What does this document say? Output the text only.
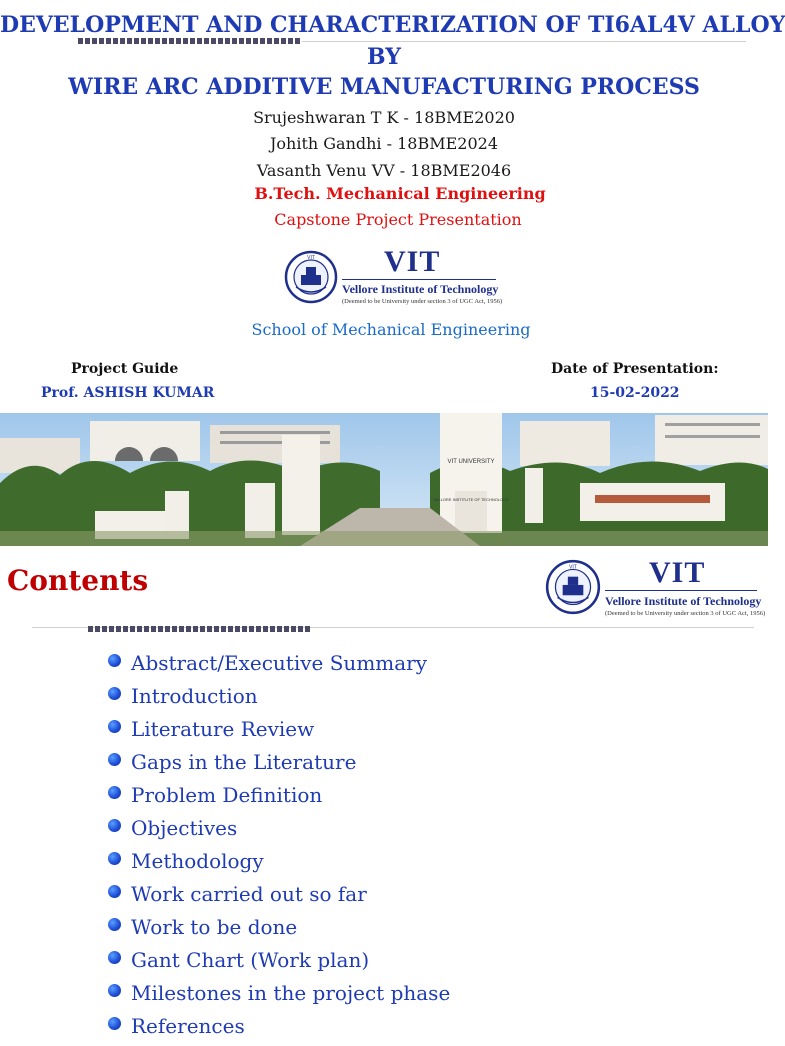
DEVELOPMENT AND CHARACTERIZATION OF TI6AL4V ALLOY
BY
WIRE ARC ADDITIVE MANUFACTURING PROCESS
Srujeshwaran T K - 18BME2020
Johith Gandhi - 18BME2024
Vasanth Venu VV - 18BME2046
B.Tech. Mechanical Engineering
Capstone Project Presentation
VIT VIT
Vellore Institute of Technology
(Deemed to be University under section 3 of UGC Act, 1956)
School of Mechanical Engineering
Project Guide
Prof. ASHISH KUMAR
Date of Presentation:
15-02-2022
VIT UNIVERSITY
VELLORE INSTITUTE OF TECHNOLOGY
Contents	VIT VIT
Vellore Institute of Technology
(Deemed to be University under section 3 of UGC Act, 1956)
Abstract/Executive Summary
Introduction
Literature Review
Gaps in the Literature
Problem Definition
Objectives
Methodology
Work carried out so far
Work to be done
Gant Chart (Work plan)
Milestones in the project phase
References
